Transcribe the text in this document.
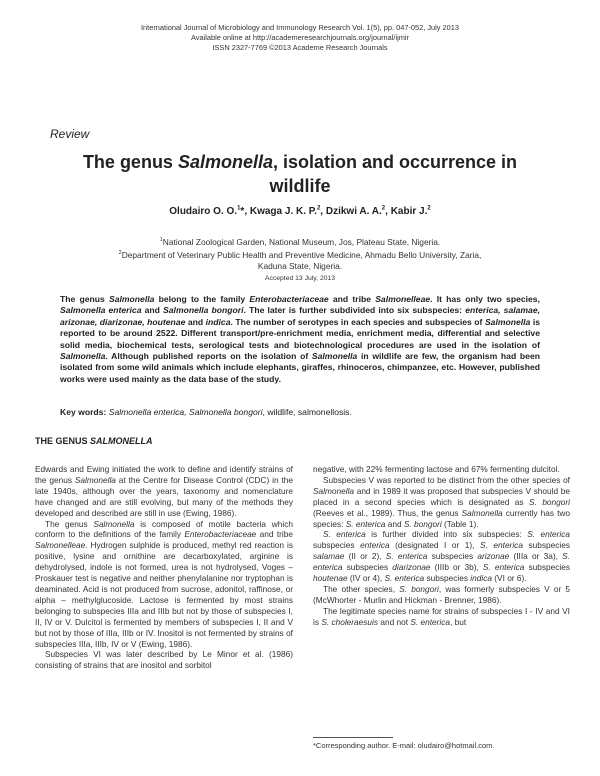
International Journal of Microbiology and Immunology Research Vol. 1(5), pp. 047-052, July 2013
Available online at http://academeresearchjournals.org/journal/ijmir
ISSN 2327-7769 ©2013 Academe Research Journals
Review
The genus Salmonella, isolation and occurrence in
wildlife
Oludairo O. O.$^1$*, Kwaga J. K. P.$^2$, Dzikwi A. A.$^2$, Kabir J.$^2$
$^1$National Zoological Garden, National Museum, Jos, Plateau State, Nigeria.
$^2$Department of Veterinary Public Health and Preventive Medicine, Ahmadu Bello University, Zaria,
Kaduna State, Nigeria.
Accepted 13 July, 2013
The genus Salmonella belong to the family Enterobacteriaceae and tribe Salmonelleae. It has only two species, Salmonella enterica and Salmonella bongori. The later is further subdivided into six subspecies: enterica, salamae, arizonae, diarizonae, houtenae and indica. The number of serotypes in each species and subspecies of Salmonella is reported to be around 2522. Different transport/pre-enrichment media, enrichment media, differential and selective solid media, biochemical tests, serological tests and biotechnological procedures are used in the isolation of Salmonella. Although published reports on the isolation of Salmonella in wildlife are few, the organism had been isolated from some wild animals which include elephants, giraffes, rhinoceros, chimpanzee, etc. However, published works were used mainly as the data base of the study.
Key words: Salmonella enterica, Salmonella bongori, wildlife, salmonellosis.
THE GENUS SALMONELLA

Edwards and Ewing initiated the work to define and identify strains of the genus Salmonella at the Centre for Disease Control (CDC) in the late 1940s, although over the years, taxonomy and nomenclature have changed and are still evolving, but many of the methods they developed and described are still in use (Ewing, 1986).

The genus Salmonella is composed of motile bacteria which conform to the definitions of the family Enterobacteriaceae and tribe Salmonelleae. Hydrogen sulphide is produced, methyl red reaction is positive, lysine and ornithine are decarboxylated, arginine is dehydrolysed, indole is not formed, urea is not hydrolysed, Voges – Proskauer test is negative and neither phenylalanine nor tryptophan is deaminated. Acid is not produced from sucrose, adonitol, raffinose, or alpha – methylglucoside. Lactose is fermented by most strains belonging to subspecies IIIa and IIIb but not by those of subspecies I, II, IV or V. Dulcitol is fermented by members of subspecies I, II and V but not by those of IIIa, IIIb or IV. Inositol is not fermented by strains of subspecies IIIa, IIIb, IV or V (Ewing, 1986).

Subspecies VI was later described by Le Minor et al. (1986) consisting of strains that are inositol and sorbitol

negative, with 22% fermenting lactose and 67% fermenting dulcitol.

Subspecies V was reported to be distinct from the other species of Salmonella and in 1989 it was proposed that subspecies V should be placed in a second species which is designated as S. bongori (Reeves et al., 1989). Thus, the genus Salmonella currently has two species: S. enterica and S. bongori (Table 1).

S. enterica is further divided into six subspecies: S. enterica subspecies enterica (designated I or 1), S. enterica subspecies salamae (II or 2), S. enterica subspecies arizonae (IIIa or 3a), S. enterica subspecies diarizonae (IIIb or 3b), S. enterica subspecies houtenae (IV or 4), S. enterica subspecies indica (VI or 6).

The other species, S. bongori, was formerly subspecies V or 5 (McWhorter - Murlin and Hickman - Brenner, 1986).

The legitimate species name for strains of subspecies I - IV and VI is S. choleraesuis and not S. enterica, but

*Corresponding author. E-mail: oludairo@hotmail.com.
